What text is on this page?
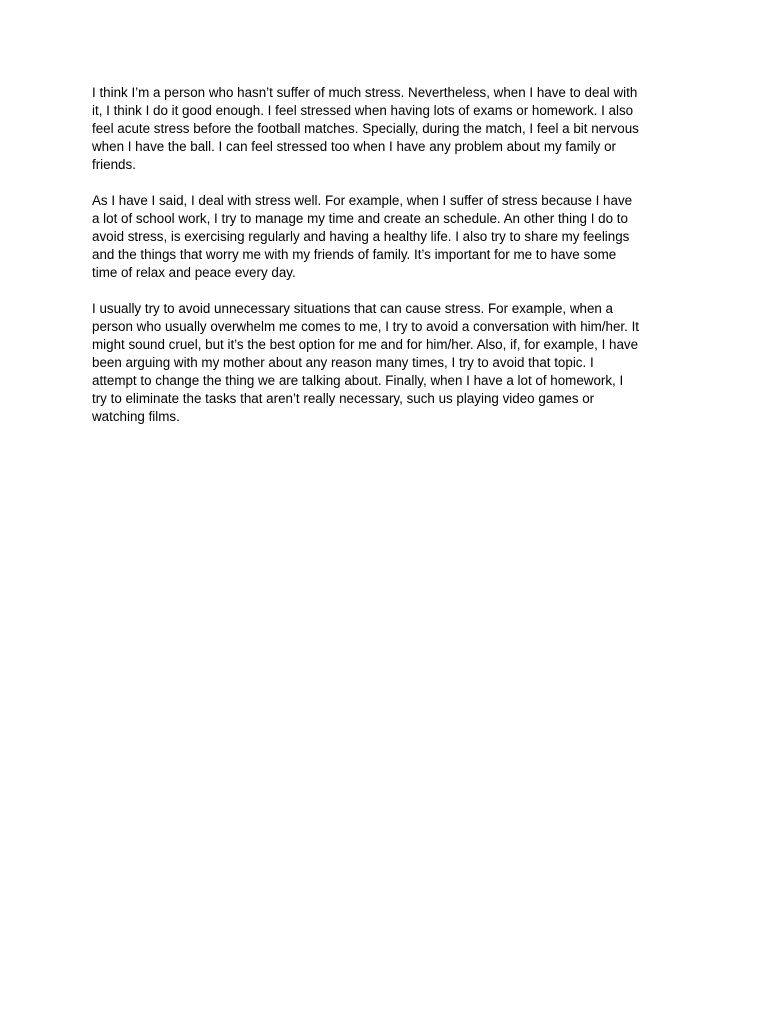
I think I’m a person who hasn’t suffer of much stress. Nevertheless, when I have to deal with
it, I think I do it good enough. I feel stressed when having lots of exams or homework. I also
feel acute stress before the football matches. Specially, during the match, I feel a bit nervous
when I have the ball. I can feel stressed too when I have any problem about my family or
friends.

As I have I said, I deal with stress well. For example, when I suffer of stress because I have
a lot of school work, I try to manage my time and create an schedule. An other thing I do to
avoid stress, is exercising regularly and having a healthy life. I also try to share my feelings
and the things that worry me with my friends of family. It’s important for me to have some
time of relax and peace every day.

I usually try to avoid unnecessary situations that can cause stress. For example, when a
person who usually overwhelm me comes to me, I try to avoid a conversation with him/her. It
might sound cruel, but it’s the best option for me and for him/her. Also, if, for example, I have
been arguing with my mother about any reason many times, I try to avoid that topic. I
attempt to change the thing we are talking about. Finally, when I have a lot of homework, I
try to eliminate the tasks that aren’t really necessary, such us playing video games or
watching films.
